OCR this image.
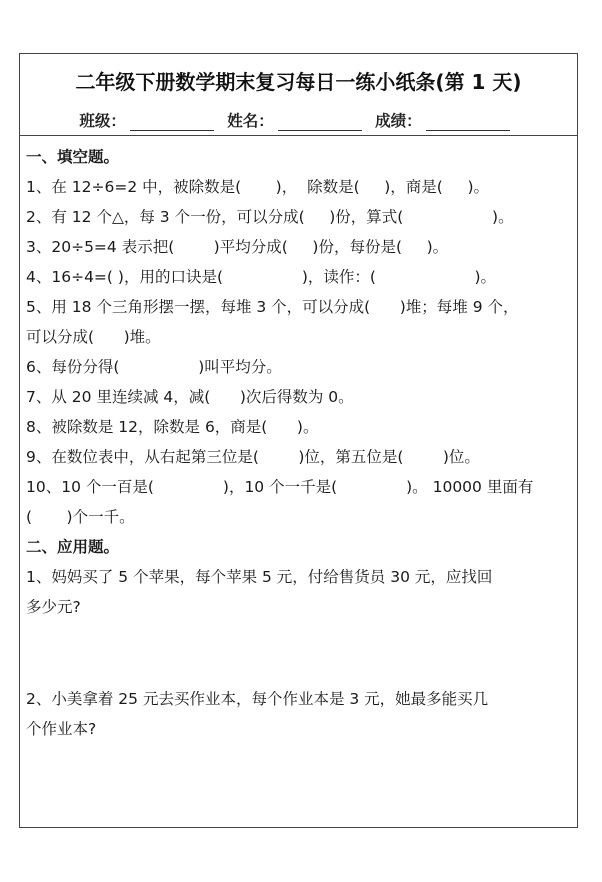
二年级下册数学期末复习每日一练小纸条(第 1 天)
班级：	姓名：	成绩：
一、填空题。
1、在 12÷6=2 中，被除数是(       )，  除数是(     )，商是(     )。
2、有 12 个△，每 3 个一份，可以分成(     )份，算式(                  )。
3、20÷5=4 表示把(        )平均分成(     )份，每份是(     )。
4、16÷4=( )，用的口诀是(                )，读作：(                    )。
5、用 18 个三角形摆一摆，每堆 3 个，可以分成(      )堆；每堆 9 个，
可以分成(      )堆。
6、每份分得(                )叫平均分。
7、从 20 里连续减 4，减(      )次后得数为 0。
8、被除数是 12，除数是 6，商是(      )。
9、在数位表中，从右起第三位是(        )位，第五位是(        )位。
10、10 个一百是(              )，10 个一千是(              )。 10000 里面有
(       )个一千。
二、应用题。
1、妈妈买了 5 个苹果，每个苹果 5 元，付给售货员 30 元，应找回
多少元?
2、小美拿着 25 元去买作业本，每个作业本是 3 元，她最多能买几
个作业本?
